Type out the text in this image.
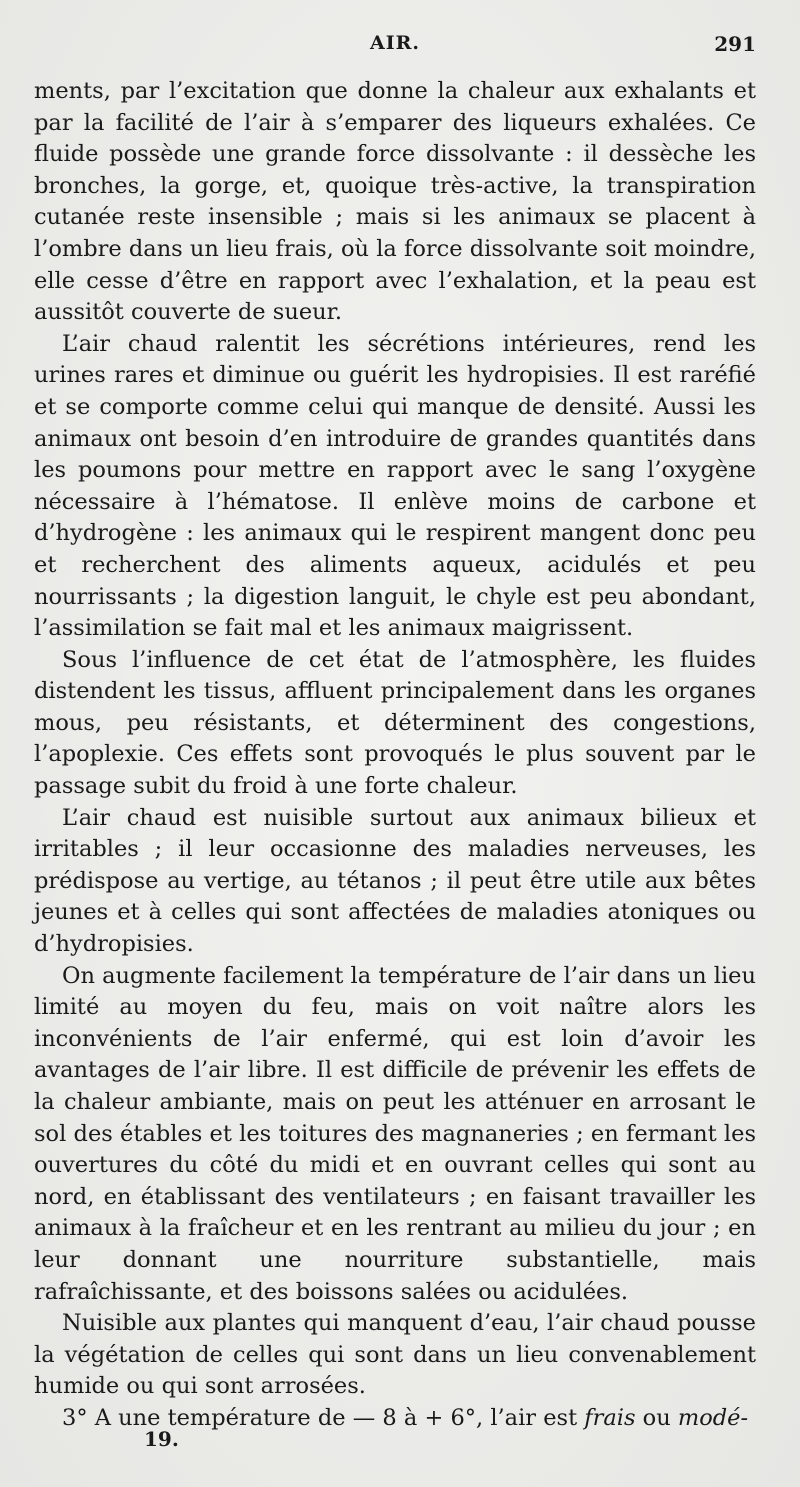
AIR.	291

ments, par l’excitation que donne la chaleur aux exhalants et par la facilité de l’air à s’emparer des liqueurs exhalées. Ce fluide possède une grande force dissolvante : il dessèche les bronches, la gorge, et, quoique très-active, la transpiration cutanée reste insensible ; mais si les animaux se placent à l’ombre dans un lieu frais, où la force dissolvante soit moindre, elle cesse d’être en rapport avec l’exhalation, et la peau est aussitôt couverte de sueur.

L’air chaud ralentit les sécrétions intérieures, rend les urines rares et diminue ou guérit les hydropisies. Il est raréfié et se comporte comme celui qui manque de densité. Aussi les animaux ont besoin d’en introduire de grandes quantités dans les poumons pour mettre en rapport avec le sang l’oxygène nécessaire à l’hématose. Il enlève moins de carbone et d’hydrogène : les animaux qui le respirent mangent donc peu et recherchent des aliments aqueux, acidulés et peu nourrissants ; la digestion languit, le chyle est peu abondant, l’assimilation se fait mal et les animaux maigrissent.

Sous l’influence de cet état de l’atmosphère, les fluides distendent les tissus, affluent principalement dans les organes mous, peu résistants, et déterminent des congestions, l’apoplexie. Ces effets sont provoqués le plus souvent par le passage subit du froid à une forte chaleur.

L’air chaud est nuisible surtout aux animaux bilieux et irritables ; il leur occasionne des maladies nerveuses, les prédispose au vertige, au tétanos ; il peut être utile aux bêtes jeunes et à celles qui sont affectées de maladies atoniques ou d’hydropisies.

On augmente facilement la température de l’air dans un lieu limité au moyen du feu, mais on voit naître alors les inconvénients de l’air enfermé, qui est loin d’avoir les avantages de l’air libre. Il est difficile de prévenir les effets de la chaleur ambiante, mais on peut les atténuer en arrosant le sol des étables et les toitures des magnaneries ; en fermant les ouvertures du côté du midi et en ouvrant celles qui sont au nord, en établissant des ventilateurs ; en faisant travailler les animaux à la fraîcheur et en les rentrant au milieu du jour ; en leur donnant une nourriture substantielle, mais rafraîchissante, et des boissons salées ou acidulées.

Nuisible aux plantes qui manquent d’eau, l’air chaud pousse la végétation de celles qui sont dans un lieu convenablement humide ou qui sont arrosées.

3° A une température de — 8 à + 6°, l’air est frais ou modé-

19.
